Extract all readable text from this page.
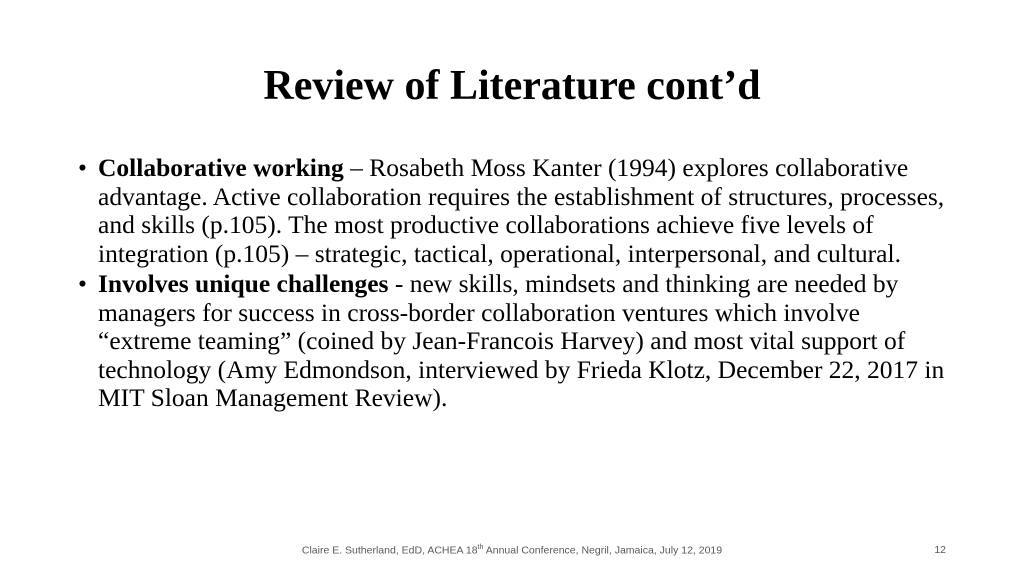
Review of Literature cont’d
• Collaborative working – Rosabeth Moss Kanter (1994) explores collaborative advantage. Active collaboration requires the establishment of structures, processes, and skills (p.105). The most productive collaborations achieve five levels of integration (p.105) – strategic, tactical, operational, interpersonal, and cultural.
• Involves unique challenges - new skills, mindsets and thinking are needed by managers for success in cross-border collaboration ventures which involve “extreme teaming” (coined by Jean-Francois Harvey) and most vital support of technology (Amy Edmondson, interviewed by Frieda Klotz, December 22, 2017 in MIT Sloan Management Review).
Claire E. Sutherland, EdD, ACHEA 18th Annual Conference, Negril, Jamaica, July 12, 2019	12
